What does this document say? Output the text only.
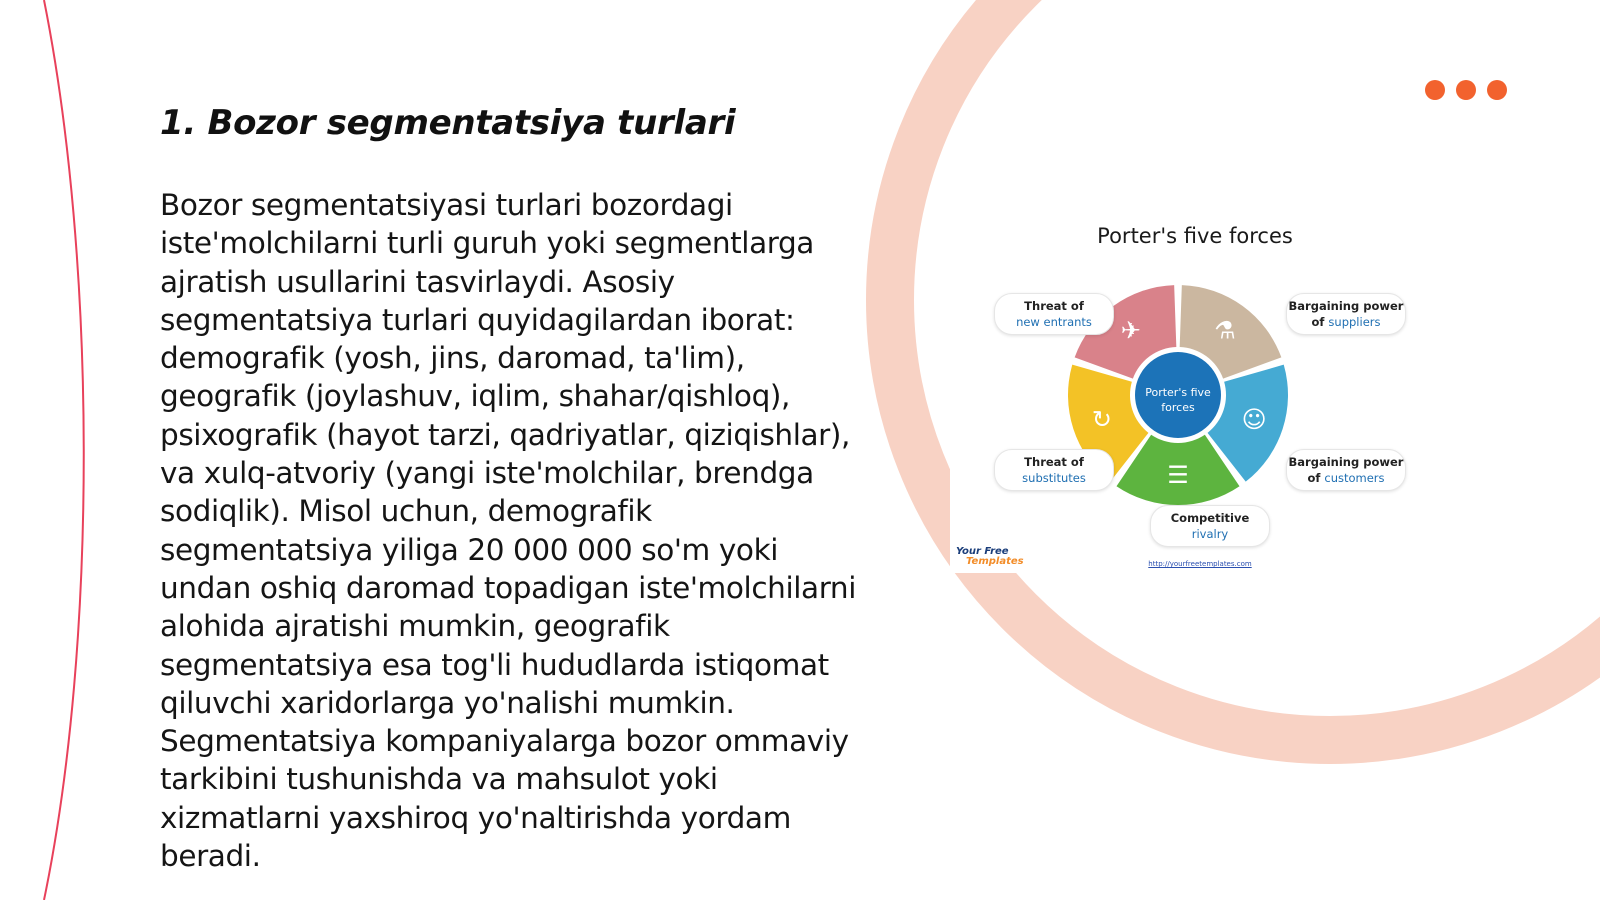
1. Bozor segmentatsiya turlari

Bozor segmentatsiyasi turlari bozordagi iste'molchilarni turli guruh yoki segmentlarga ajratish usullarini tasvirlaydi. Asosiy segmentatsiya turlari quyidagilardan iborat: demografik (yosh, jins, daromad, ta'lim), geografik (joylashuv, iqlim, shahar/qishloq), psixografik (hayot tarzi, qadriyatlar, qiziqishlar), va xulq-atvoriy (yangi iste'molchilar, brendga sodiqlik). Misol uchun, demografik segmentatsiya yiliga 20 000 000 so'm yoki undan oshiq daromad topadigan iste'molchilarni alohida ajratishi mumkin, geografik segmentatsiya esa tog'li hududlarda istiqomat qiluvchi xaridorlarga yo'nalishi mumkin. Segmentatsiya kompaniyalarga bozor ommaviy tarkibini tushunishda va mahsulot yoki xizmatlarni yaxshiroq yo'naltirishda yordam beradi.

Porter's five forces
⚗
☺
☰
↻
✈
Threat of
new entrants
Bargaining power
of suppliers
Bargaining power
of customers
Competitive
rivalry
Threat of
substitutes
Porter's five forces
Your Free
Templates	http://yourfreetemplates.com
